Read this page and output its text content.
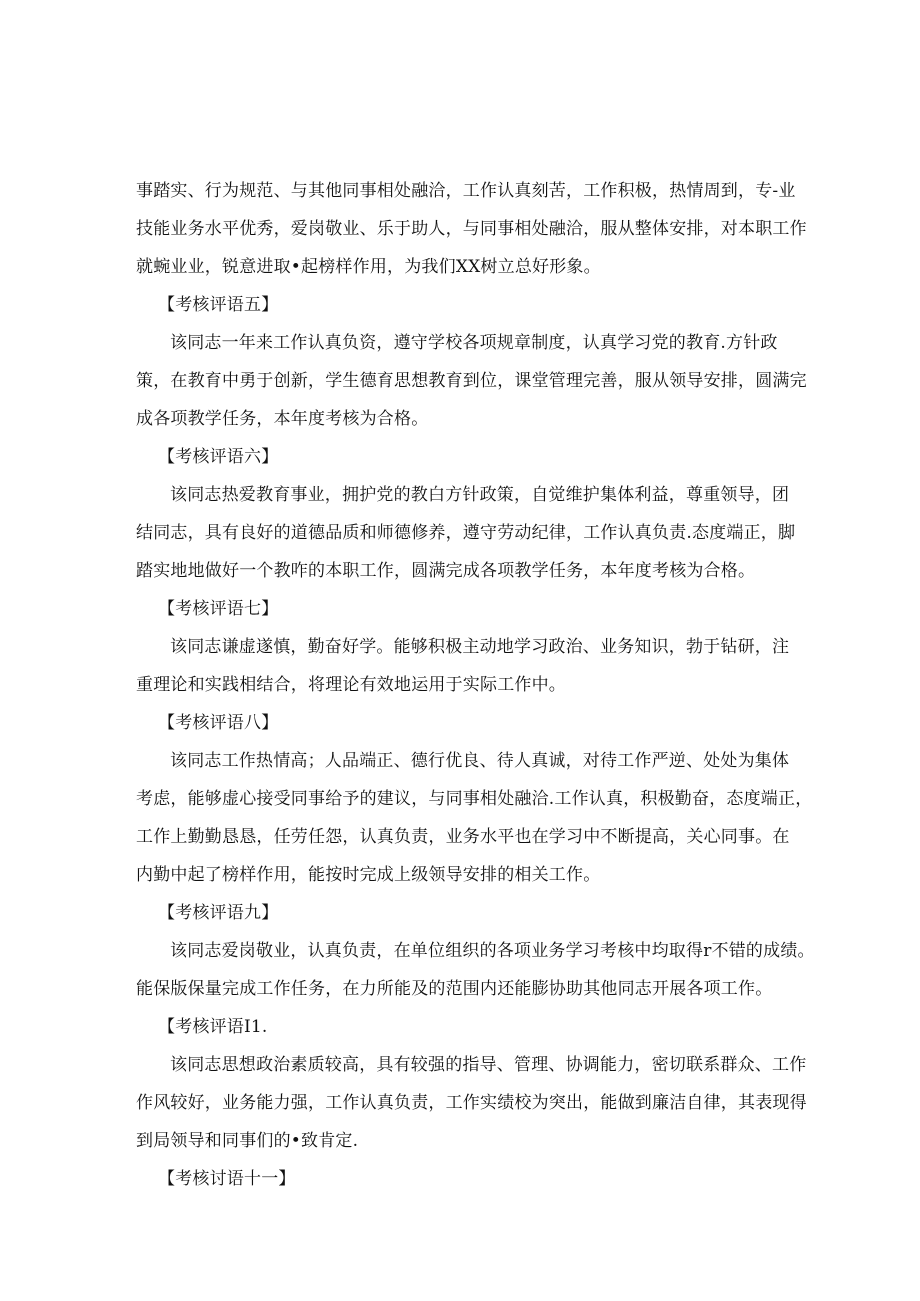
事踏实、行为规范、与其他同事相处融洽，工作认真刻苦，工作积极，热情周到，专-业
技能业务水平优秀，爱岗敬业、乐于助人，与同事相处融洽，服从整体安排，对本职工作
就蜿业业，锐意进取•起榜样作用，为我们XX树立总好形象。
【考核评语五】
该同志一年来工作认真负资，遵守学校各项规章制度，认真学习党的教育.方针政
策，在教育中勇于创新，学生德育思想教育到位，课堂管理完善，服从领导安排，圆满完
成各项教学任务，本年度考核为合格。
【考核评语六】
该同志热爱教育事业，拥护党的教白方针政策，自觉维护集体利益，尊重领导，团
结同志，具有良好的道德品质和师德修养，遵守劳动纪律，工作认真负责.态度端正，脚
踏实地地做好一个教咋的本职工作，圆满完成各项教学任务，本年度考核为合格。
【考核评语七】
该同志谦虚遂慎，勤奋好学。能够积极主动地学习政治、业务知识，勃于钻研，注
重理论和实践相结合，将理论有效地运用于实际工作中。
【考核评语八】
该同志工作热情高；人品端正、德行优良、待人真诚，对待工作严逆、处处为集体
考虑，能够虚心接受同事给予的建议，与同事相处融洽.工作认真，积极勤奋，态度端正，
工作上勤勤恳恳，任劳任怨，认真负责，业务水平也在学习中不断提高，关心同事。在
内勤中起了榜样作用，能按时完成上级领导安排的相关工作。
【考核评语九】
该同志爱岗敬业，认真负责，在单位组织的各项业务学习考核中均取得r不错的成绩。
能保版保量完成工作任务，在力所能及的范围内还能膨协助其他同志开展各项工作。
【考核评语I1.
该同志思想政治素质较高，具有较强的指导、管理、协调能力，密切联系群众、工作
作风较好，业务能力强，工作认真负责，工作实绩校为突出，能做到廉洁自律，其表现得
到局领导和同事们的•致肯定.
【考核讨语十一】
